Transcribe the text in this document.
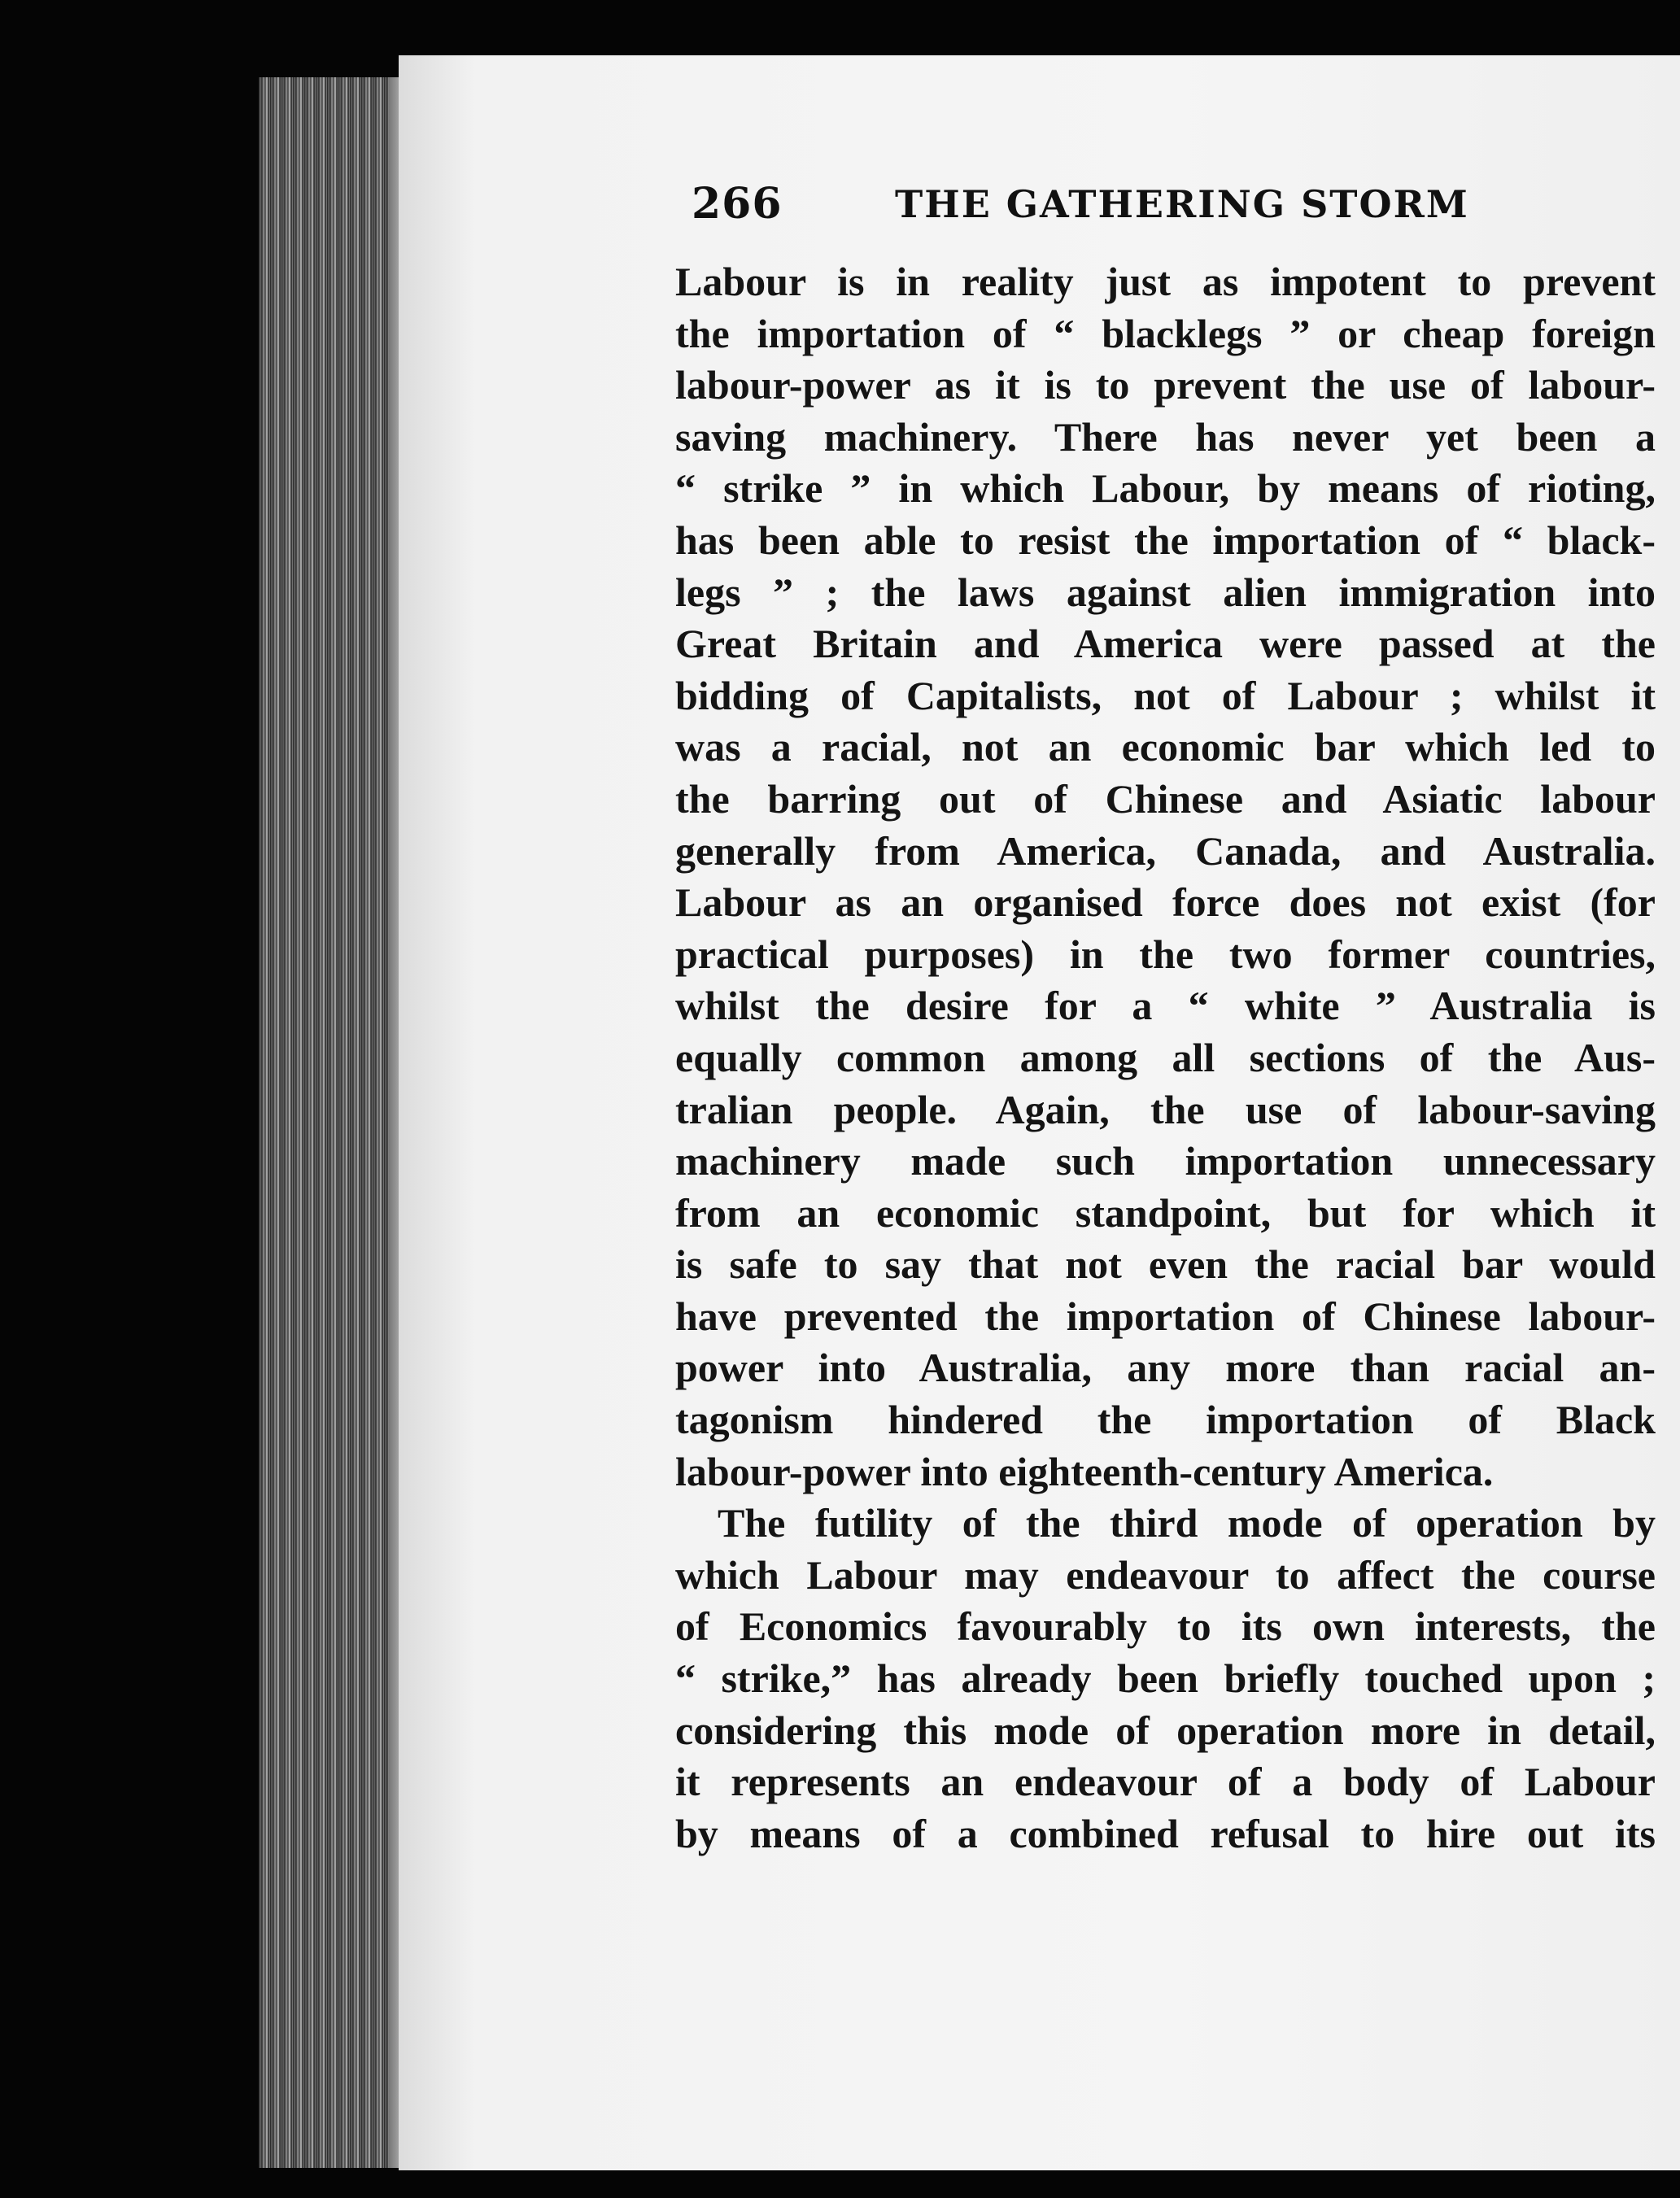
266	THE GATHERING STORM
Labour is in reality just as impotent to prevent
the importation of “ blacklegs ” or cheap foreign
labour-power as it is to prevent the use of labour-
saving machinery. There has never yet been a
“ strike ” in which Labour, by means of rioting,
has been able to resist the importation of “ black-
legs ” ; the laws against alien immigration into
Great Britain and America were passed at the
bidding of Capitalists, not of Labour ; whilst it
was a racial, not an economic bar which led to
the barring out of Chinese and Asiatic labour
generally from America, Canada, and Australia.
Labour as an organised force does not exist (for
practical purposes) in the two former countries,
whilst the desire for a “ white ” Australia is
equally common among all sections of the Aus-
tralian people. Again, the use of labour-saving
machinery made such importation unnecessary
from an economic standpoint, but for which it
is safe to say that not even the racial bar would
have prevented the importation of Chinese labour-
power into Australia, any more than racial an-
tagonism hindered the importation of Black
labour-power into eighteenth-century America.
The futility of the third mode of operation by
which Labour may endeavour to affect the course
of Economics favourably to its own interests, the
“ strike,” has already been briefly touched upon ;
considering this mode of operation more in detail,
it represents an endeavour of a body of Labour
by means of a combined refusal to hire out its
